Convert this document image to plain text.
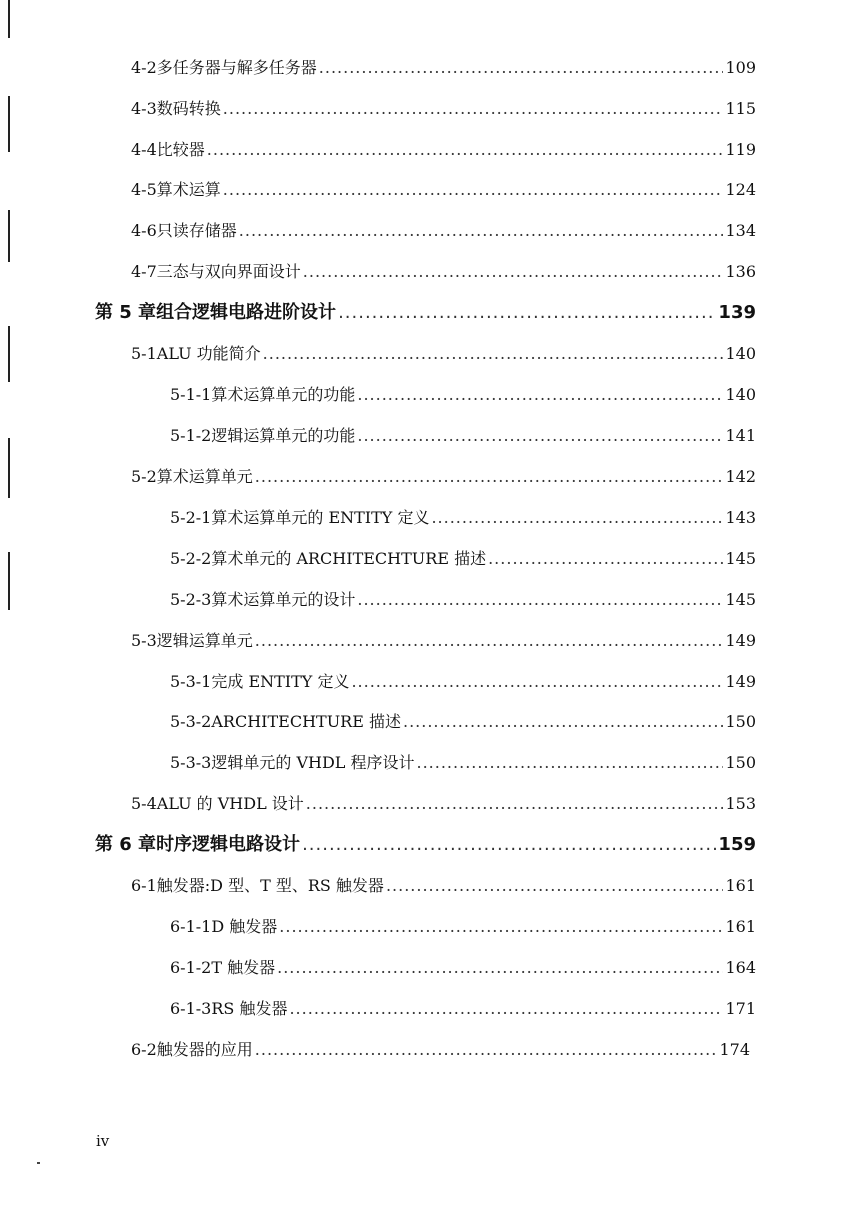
4-2 多任务器与解多任务器 .....	109
4-3 数码转换 .....	115
4-4 比较器 .....	119
4-5 算术运算 .....	124
4-6 只读存储器 .....	134
4-7 三态与双向界面设计 .....	136
第 5 章 组合逻辑电路进阶设计 .....	139
5-1 ALU 功能简介 .....	140
5-1-1 算术运算单元的功能 .....	140
5-1-2 逻辑运算单元的功能 .....	141
5-2 算术运算单元 .....	142
5-2-1 算术运算单元的 ENTITY 定义 .....	143
5-2-2 算术单元的 ARCHITECHTURE 描述 .....	145
5-2-3 算术运算单元的设计 .....	145
5-3 逻辑运算单元 .....	149
5-3-1 完成 ENTITY 定义 .....	149
5-3-2 ARCHITECHTURE 描述 .....	150
5-3-3 逻辑单元的 VHDL 程序设计 .....	150
5-4 ALU 的 VHDL 设计 .....	153
第 6 章 时序逻辑电路设计 .....	159
6-1 触发器:D 型、T 型、RS 触发器 .....	161
6-1-1 D 触发器 .....	161
6-1-2 T 触发器 .....	164
6-1-3 RS 触发器 .....	171
6-2 触发器的应用 .....	174
iv
